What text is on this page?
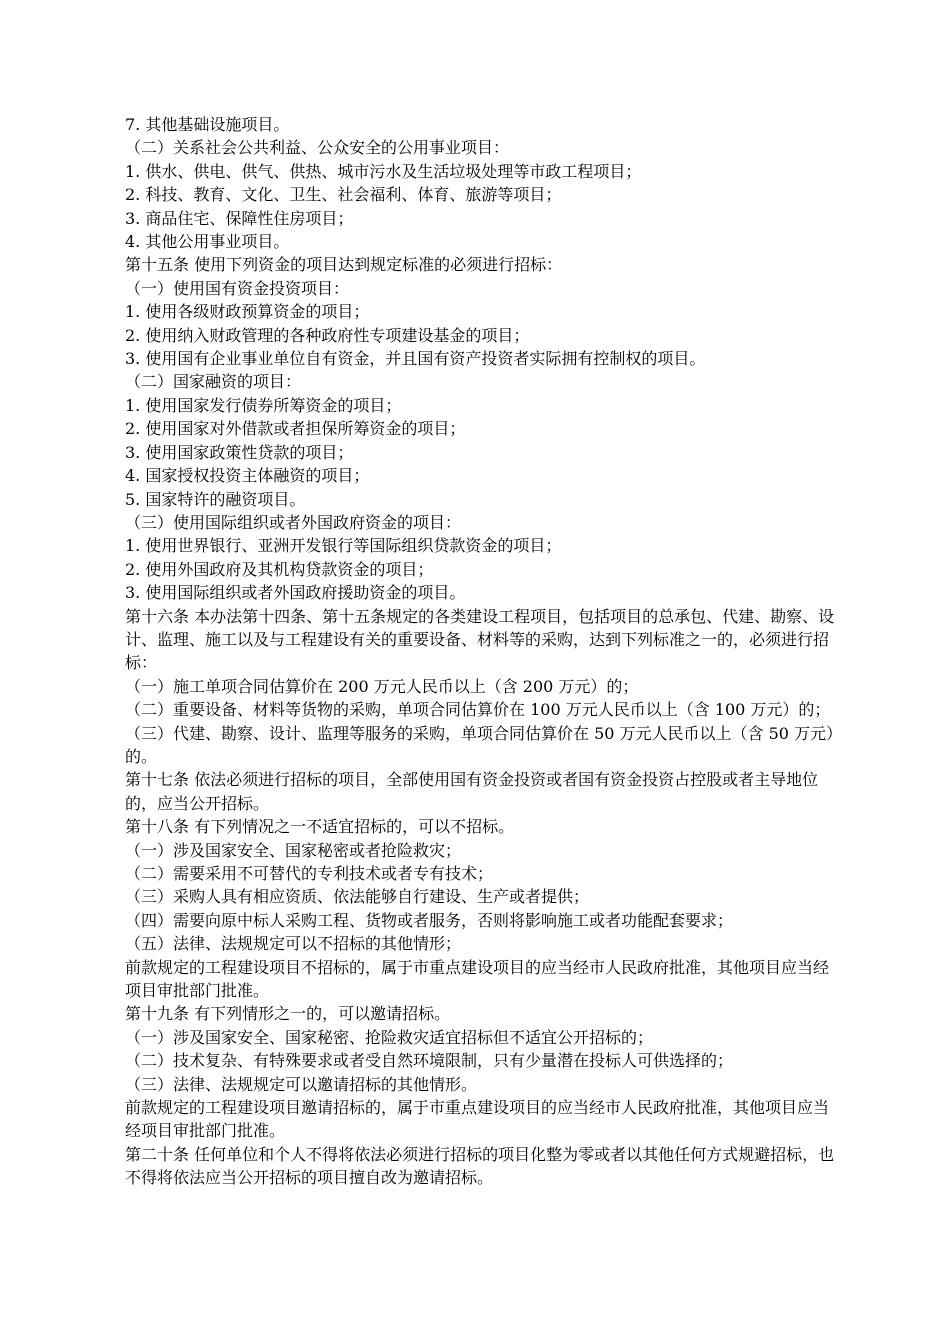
7. 其他基础设施项目。
（二）关系社会公共利益、公众安全的公用事业项目：
1. 供水、供电、供气、供热、城市污水及生活垃圾处理等市政工程项目；
2. 科技、教育、文化、卫生、社会福利、体育、旅游等项目；
3. 商品住宅、保障性住房项目；
4. 其他公用事业项目。
第十五条 使用下列资金的项目达到规定标准的必须进行招标：
（一）使用国有资金投资项目：
1. 使用各级财政预算资金的项目；
2. 使用纳入财政管理的各种政府性专项建设基金的项目；
3. 使用国有企业事业单位自有资金，并且国有资产投资者实际拥有控制权的项目。
（二）国家融资的项目：
1. 使用国家发行债券所筹资金的项目；
2. 使用国家对外借款或者担保所筹资金的项目；
3. 使用国家政策性贷款的项目；
4. 国家授权投资主体融资的项目；
5. 国家特许的融资项目。
（三）使用国际组织或者外国政府资金的项目：
1. 使用世界银行、亚洲开发银行等国际组织贷款资金的项目；
2. 使用外国政府及其机构贷款资金的项目；
3. 使用国际组织或者外国政府援助资金的项目。
第十六条 本办法第十四条、第十五条规定的各类建设工程项目，包括项目的总承包、代建、勘察、设计、监理、施工以及与工程建设有关的重要设备、材料等的采购，达到下列标准之一的，必须进行招标：
（一）施工单项合同估算价在 200 万元人民币以上（含 200 万元）的；
（二）重要设备、材料等货物的采购，单项合同估算价在 100 万元人民币以上（含 100 万元）的；
（三）代建、勘察、设计、监理等服务的采购，单项合同估算价在 50 万元人民币以上（含 50 万元）的。
第十七条 依法必须进行招标的项目，全部使用国有资金投资或者国有资金投资占控股或者主导地位的，应当公开招标。
第十八条 有下列情况之一不适宜招标的，可以不招标。
（一）涉及国家安全、国家秘密或者抢险救灾；
（二）需要采用不可替代的专利技术或者专有技术；
（三）采购人具有相应资质、依法能够自行建设、生产或者提供；
（四）需要向原中标人采购工程、货物或者服务，否则将影响施工或者功能配套要求；
（五）法律、法规规定可以不招标的其他情形；
前款规定的工程建设项目不招标的，属于市重点建设项目的应当经市人民政府批准，其他项目应当经项目审批部门批准。
第十九条 有下列情形之一的，可以邀请招标。
（一）涉及国家安全、国家秘密、抢险救灾适宜招标但不适宜公开招标的；
（二）技术复杂、有特殊要求或者受自然环境限制，只有少量潜在投标人可供选择的；
（三）法律、法规规定可以邀请招标的其他情形。
前款规定的工程建设项目邀请招标的，属于市重点建设项目的应当经市人民政府批准，其他项目应当经项目审批部门批准。
第二十条 任何单位和个人不得将依法必须进行招标的项目化整为零或者以其他任何方式规避招标，也不得将依法应当公开招标的项目擅自改为邀请招标。
